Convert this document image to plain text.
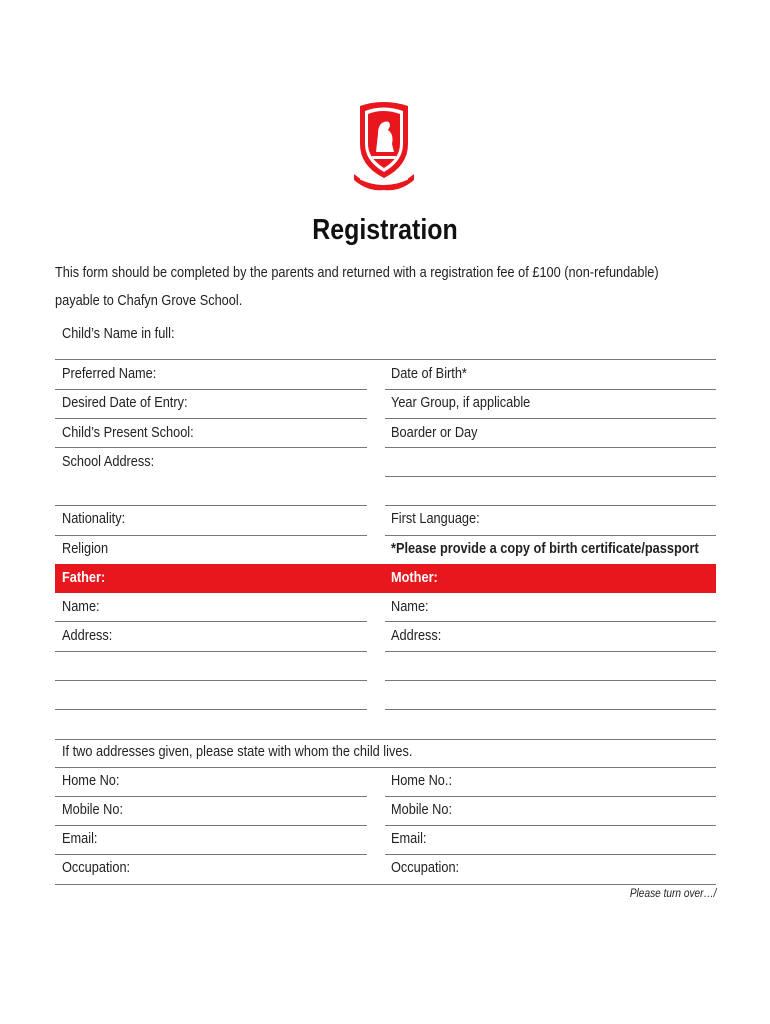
Registration
This form should be completed by the parents and returned with a registration fee of £100 (non-refundable)
payable to Chafyn Grove School.
Child’s Name in full:
Preferred Name:	Date of Birth*
Desired Date of Entry:	Year Group, if applicable
Child’s Present School:	Boarder or Day
School Address:
Nationality:	First Language:
Religion	*Please provide a copy of birth certificate/passport
Father:	Mother:
Name:	Name:
Address:	Address:
If two addresses given, please state with whom the child lives.
Home No:	Home No.:
Mobile No:	Mobile No:
Email:	Email:
Occupation:	Occupation:
Please turn over…/
